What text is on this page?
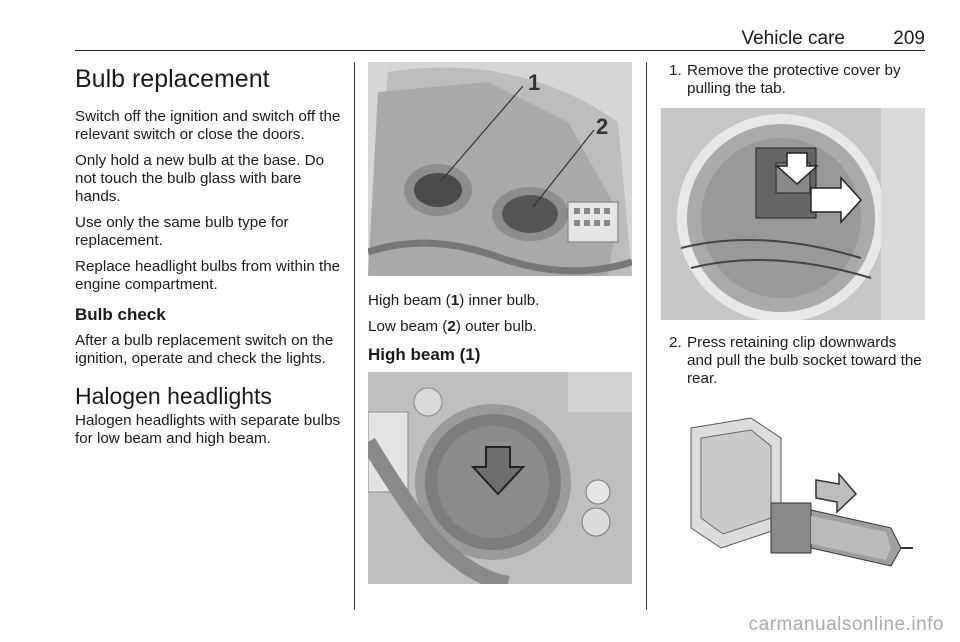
Vehicle care	209
Bulb replacement

Switch off the ignition and switch off the relevant switch or close the doors.

Only hold a new bulb at the base. Do not touch the bulb glass with bare hands.

Use only the same bulb type for replacement.

Replace headlight bulbs from within the engine compartment.

Bulb check

After a bulb replacement switch on the ignition, operate and check the lights.

Halogen headlights

Halogen headlights with separate bulbs for low beam and high beam.

1
2

High beam (1) inner bulb.

Low beam (2) outer bulb.

High beam (1)
1. Remove the protective cover by pulling the tab.
2. Press retaining clip downwards and pull the bulb socket toward the rear.
carmanualsonline.info
